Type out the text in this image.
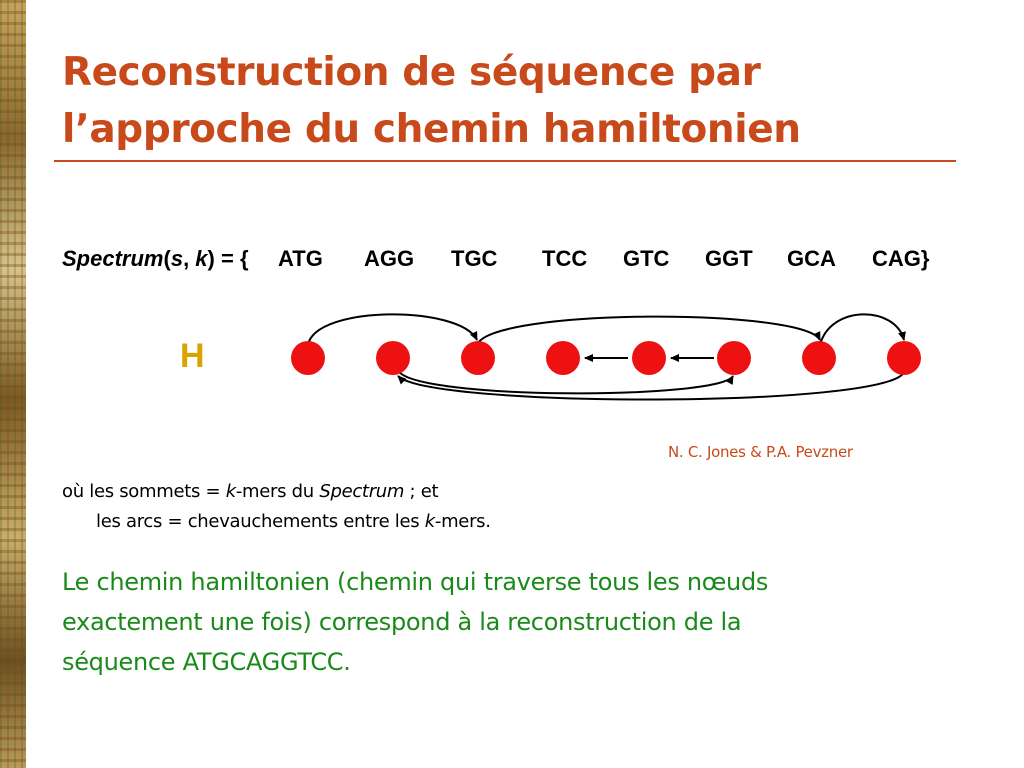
Reconstruction de séquence par
l’approche du chemin hamiltonien
Spectrum(s, k) = { ATG AGG TGC TCC GTC GGT GCA CAG}
H
N. C. Jones & P.A. Pevzner
où les sommets = k-mers du Spectrum ; et
les arcs = chevauchements entre les k-mers.

Le chemin hamiltonien (chemin qui traverse tous les nœuds
exactement une fois) correspond à la reconstruction de la
séquence ATGCAGGTCC.
